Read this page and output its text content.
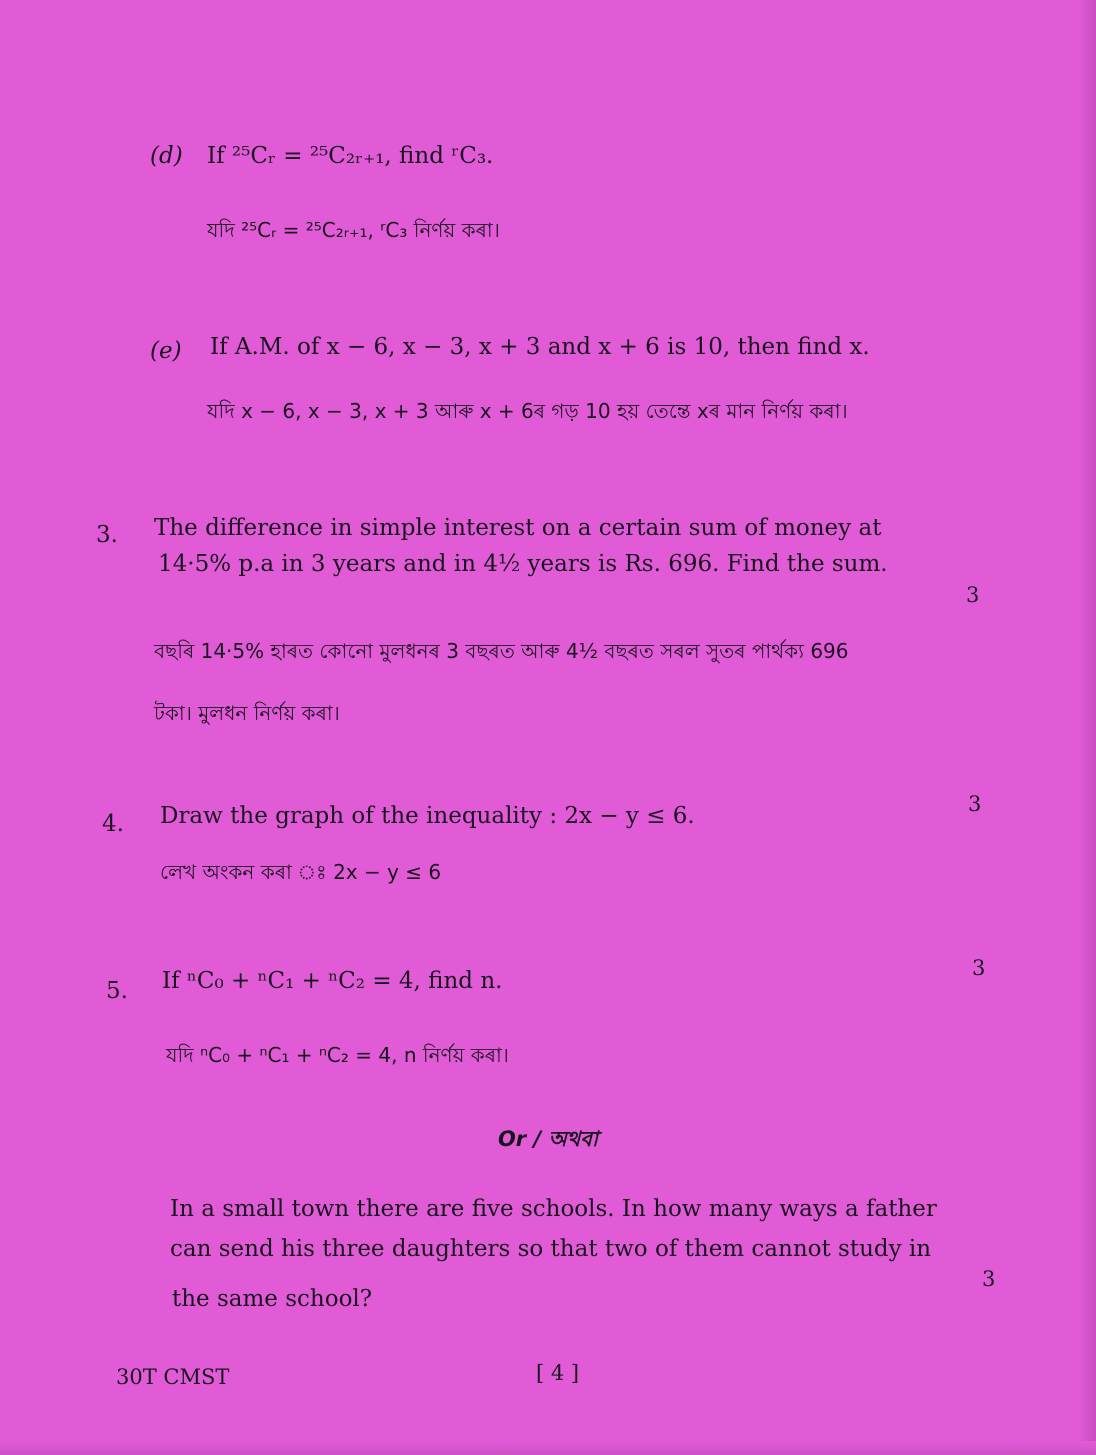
(d) If ²⁵Cᵣ = ²⁵C₂ᵣ₊₁, find ʳC₃.
যদি ²⁵Cᵣ = ²⁵C₂ᵣ₊₁, ʳC₃ নিৰ্ণয় কৰা।
(e) If A.M. of x − 6, x − 3, x + 3 and x + 6 is 10, then find x.
যদি x − 6, x − 3, x + 3 আৰু x + 6ৰ গড় 10 হয় তেন্তে xৰ মান নিৰ্ণয় কৰা।
3. The difference in simple interest on a certain sum of money at
14·5% p.a in 3 years and in 4½ years is Rs. 696. Find the sum.
3
বছৰি 14·5% হাৰত কোনো মুলধনৰ 3 বছৰত আৰু 4½ বছৰত সৰল সুতৰ পাৰ্থক্য 696
টকা। মুলধন নিৰ্ণয় কৰা।
3
4. Draw the graph of the inequality : 2x − y ≤ 6.
লেখ অংকন কৰা ঃ 2x − y ≤ 6
3
5. If ⁿC₀ + ⁿC₁ + ⁿC₂ = 4, find n.
যদি ⁿC₀ + ⁿC₁ + ⁿC₂ = 4, n নিৰ্ণয় কৰা।
Or / অথবা
In a small town there are five schools. In how many ways a father
can send his three daughters so that two of them cannot study in
3
the same school?
30T CMST	[ 4 ]
